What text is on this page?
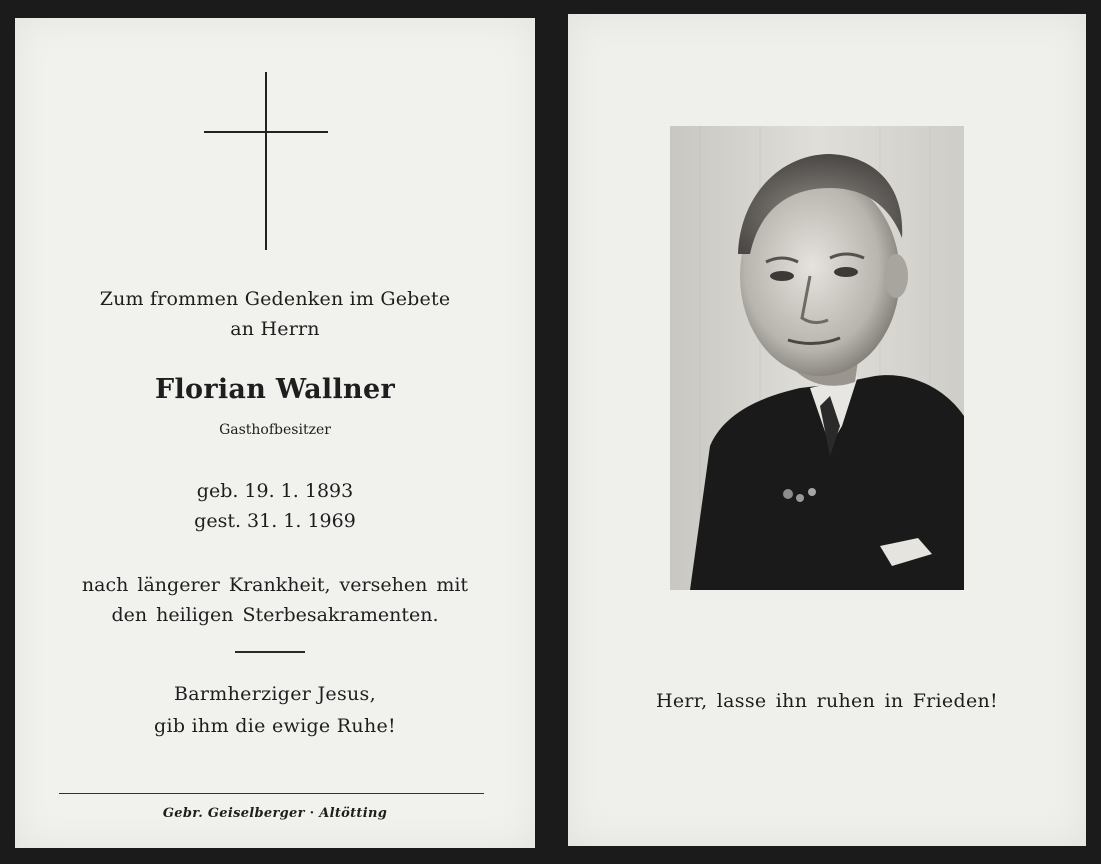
Zum frommen Gedenken im Gebete
an Herrn
Florian Wallner
Gasthofbesitzer
geb. 19. 1. 1893
gest. 31. 1. 1969
nach längerer Krankheit, versehen mit
den heiligen Sterbesakramenten.
Barmherziger Jesus,
gib ihm die ewige Ruhe!
Gebr. Geiselberger · Altötting
Herr, lasse ihn ruhen in Frieden!
